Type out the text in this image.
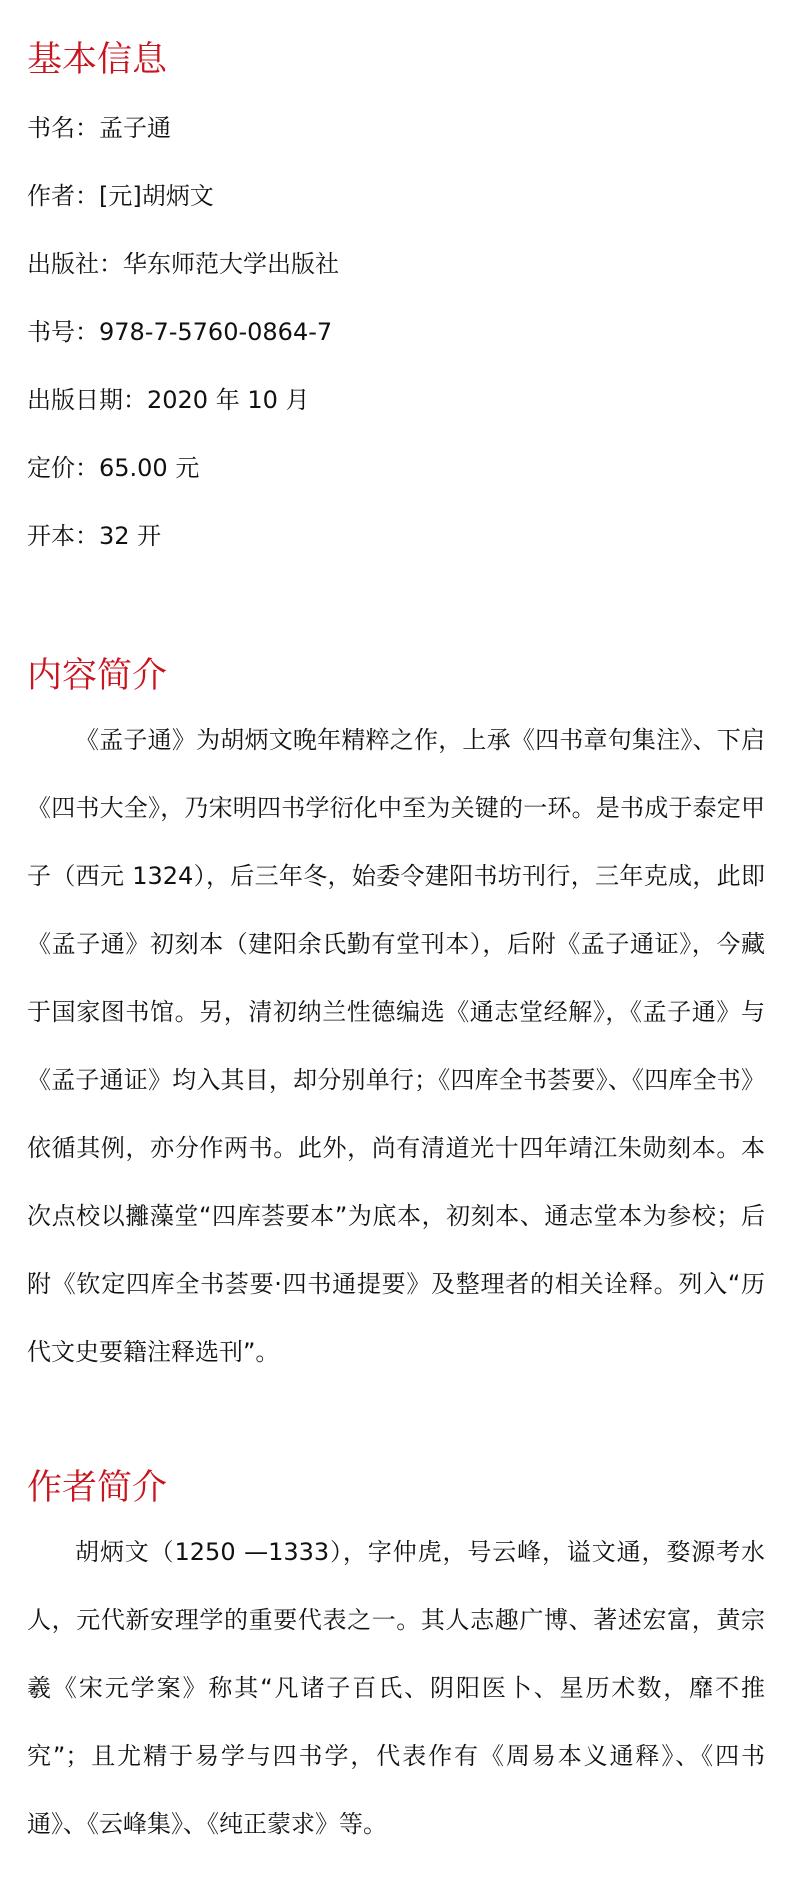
基本信息

书名：孟子通

作者：[元]胡炳文

出版社：华东师范大学出版社

书号：978-7-5760-0864-7

出版日期：2020 年 10 月

定价：65.00 元

开本：32 开

内容简介

《孟子通》为胡炳文晚年精粹之作，上承《四书章句集注》、下启《四书大全》，乃宋明四书学衍化中至为关键的一环。是书成于泰定甲子（西元 1324），后三年冬，始委令建阳书坊刊行，三年克成，此即《孟子通》初刻本（建阳余氏勤有堂刊本），后附《孟子通证》，今藏于国家图书馆。另，清初纳兰性德编选《通志堂经解》，《孟子通》与《孟子通证》均入其目，却分别单行；《四库全书荟要》、《四库全书》依循其例，亦分作两书。此外，尚有清道光十四年靖江朱勋刻本。本次点校以攡藻堂“四库荟要本”为底本，初刻本、通志堂本为参校；后附《钦定四库全书荟要·四书通提要》及整理者的相关诠释。列入“历代文史要籍注释选刊”。

作者简介

胡炳文（1250 —1333），字仲虎，号云峰，谥文通，婺源考水人，元代新安理学的重要代表之一。其人志趣广博、著述宏富，黄宗羲《宋元学案》称其“凡诸子百氏、阴阳医卜、星历术数，靡不推究”；且尤精于易学与四书学，代表作有《周易本义通释》、《四书通》、《云峰集》、《纯正蒙求》等。
